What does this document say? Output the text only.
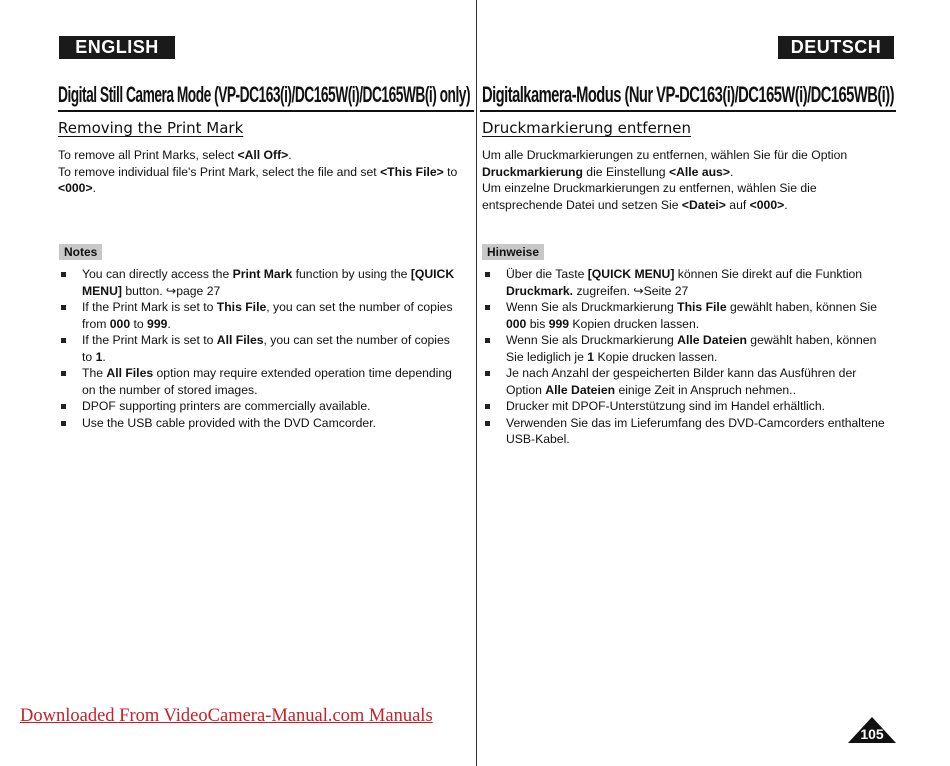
ENGLISH
Digital Still Camera Mode (VP-DC163(i)/DC165W(i)/DC165WB(i) only)
Removing the Print Mark

To remove all Print Marks, select <All Off>.

To remove individual file's Print Mark, select the file and set <This File> to <000>.

Notes
You can directly access the Print Mark function by using the [QUICK MENU] button. ↪page 27
If the Print Mark is set to This File, you can set the number of copies from 000 to 999.
If the Print Mark is set to All Files, you can set the number of copies to 1.
The All Files option may require extended operation time depending on the number of stored images.
DPOF supporting printers are commercially available.
Use the USB cable provided with the DVD Camcorder.
DEUTSCH
Digitalkamera-Modus (Nur VP-DC163(i)/DC165W(i)/DC165WB(i))
Druckmarkierung entfernen

Um alle Druckmarkierungen zu entfernen, wählen Sie für die Option Druckmarkierung die Einstellung <Alle aus>.

Um einzelne Druckmarkierungen zu entfernen, wählen Sie die entsprechende Datei und setzen Sie <Datei> auf <000>.

Hinweise
Über die Taste [QUICK MENU] können Sie direkt auf die Funktion Druckmark. zugreifen. ↪Seite 27
Wenn Sie als Druckmarkierung This File gewählt haben, können Sie 000 bis 999 Kopien drucken lassen.
Wenn Sie als Druckmarkierung Alle Dateien gewählt haben, können Sie lediglich je 1 Kopie drucken lassen.
Je nach Anzahl der gespeicherten Bilder kann das Ausführen der Option Alle Dateien einige Zeit in Anspruch nehmen..
Drucker mit DPOF-Unterstützung sind im Handel erhältlich.
Verwenden Sie das im Lieferumfang des DVD-Camcorders enthaltene USB-Kabel.
Downloaded From VideoCamera-Manual.com Manuals
105
